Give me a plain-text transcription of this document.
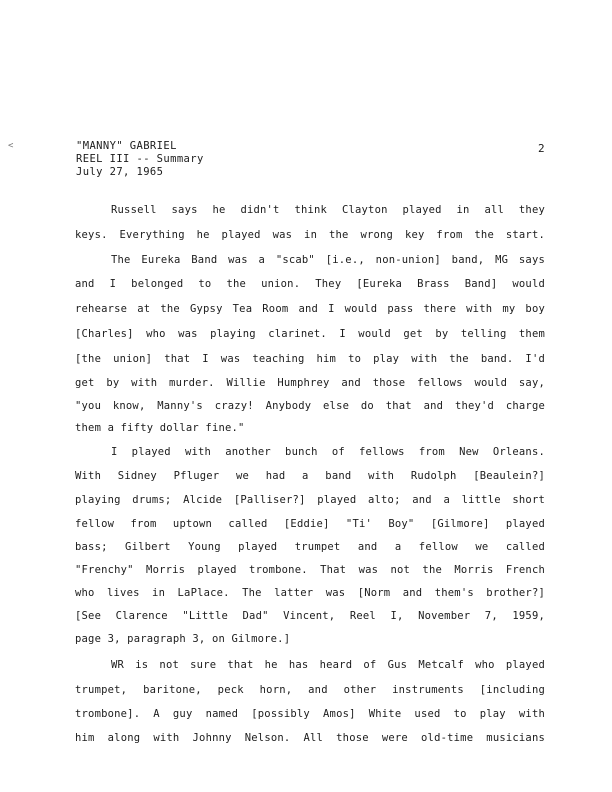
<	"MANNY" GABRIEL
REEL III -- Summary
July 27, 1965
2
Russell says he didn't think Clayton played in all they
keys. Everything he played was in the wrong key from the start.
The Eureka Band was a "scab" [i.e., non-union] band, MG says
and I belonged to the union. They [Eureka Brass Band] would
rehearse at the Gypsy Tea Room and I would pass there with my boy
[Charles] who was playing clarinet. I would get by telling them
[the union] that I was teaching him to play with the band. I'd
get by with murder. Willie Humphrey and those fellows would say,
"you know, Manny's crazy! Anybody else do that and they'd charge
them a fifty dollar fine."
I played with another bunch of fellows from New Orleans.
With Sidney Pfluger we had a band with Rudolph [Beaulein?]
playing drums; Alcide [Palliser?] played alto; and a little short
fellow from uptown called [Eddie] "Ti' Boy" [Gilmore] played
bass; Gilbert Young played trumpet and a fellow we called
"Frenchy" Morris played trombone. That was not the Morris French
who lives in LaPlace. The latter was [Norm and them's brother?]
[See Clarence "Little Dad" Vincent, Reel I, November 7, 1959,
page 3, paragraph 3, on Gilmore.]
WR is not sure that he has heard of Gus Metcalf who played
trumpet, baritone, peck horn, and other instruments [including
trombone]. A guy named [possibly Amos] White used to play with
him along with Johnny Nelson. All those were old-time musicians
